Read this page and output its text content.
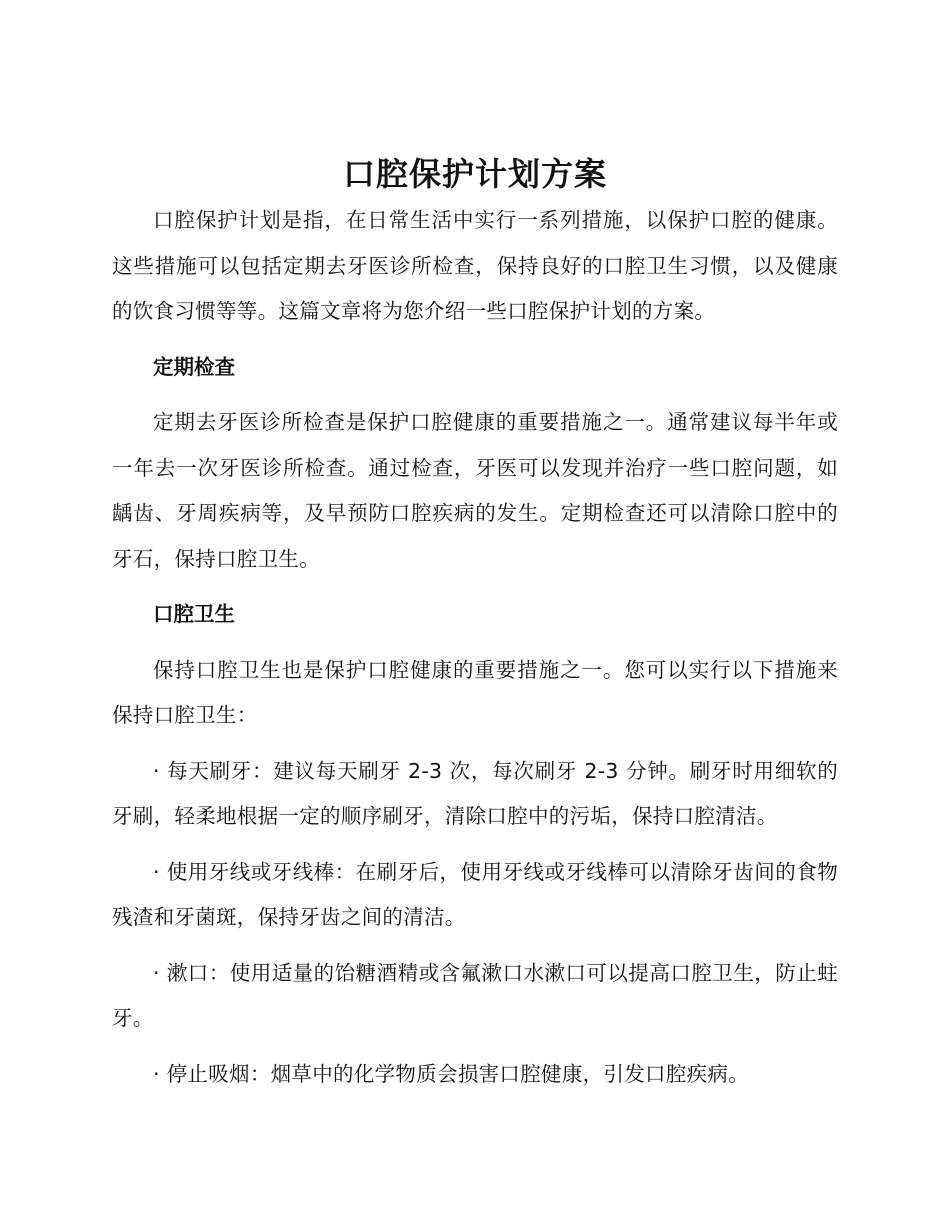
口腔保护计划方案

口腔保护计划是指，在日常生活中实行一系列措施，以保护口腔的健康。这些措施可以包括定期去牙医诊所检查，保持良好的口腔卫生习惯，以及健康的饮食习惯等等。这篇文章将为您介绍一些口腔保护计划的方案。

定期检查

定期去牙医诊所检查是保护口腔健康的重要措施之一。通常建议每半年或一年去一次牙医诊所检查。通过检查，牙医可以发现并治疗一些口腔问题，如龋齿、牙周疾病等，及早预防口腔疾病的发生。定期检查还可以清除口腔中的牙石，保持口腔卫生。

口腔卫生

保持口腔卫生也是保护口腔健康的重要措施之一。您可以实行以下措施来保持口腔卫生：

· 每天刷牙：建议每天刷牙 2-3 次，每次刷牙 2-3 分钟。刷牙时用细软的牙刷，轻柔地根据一定的顺序刷牙，清除口腔中的污垢，保持口腔清洁。

· 使用牙线或牙线棒：在刷牙后，使用牙线或牙线棒可以清除牙齿间的食物残渣和牙菌斑，保持牙齿之间的清洁。

· 漱口：使用适量的饴糖酒精或含氟漱口水漱口可以提高口腔卫生，防止蛀牙。

· 停止吸烟：烟草中的化学物质会损害口腔健康，引发口腔疾病。
